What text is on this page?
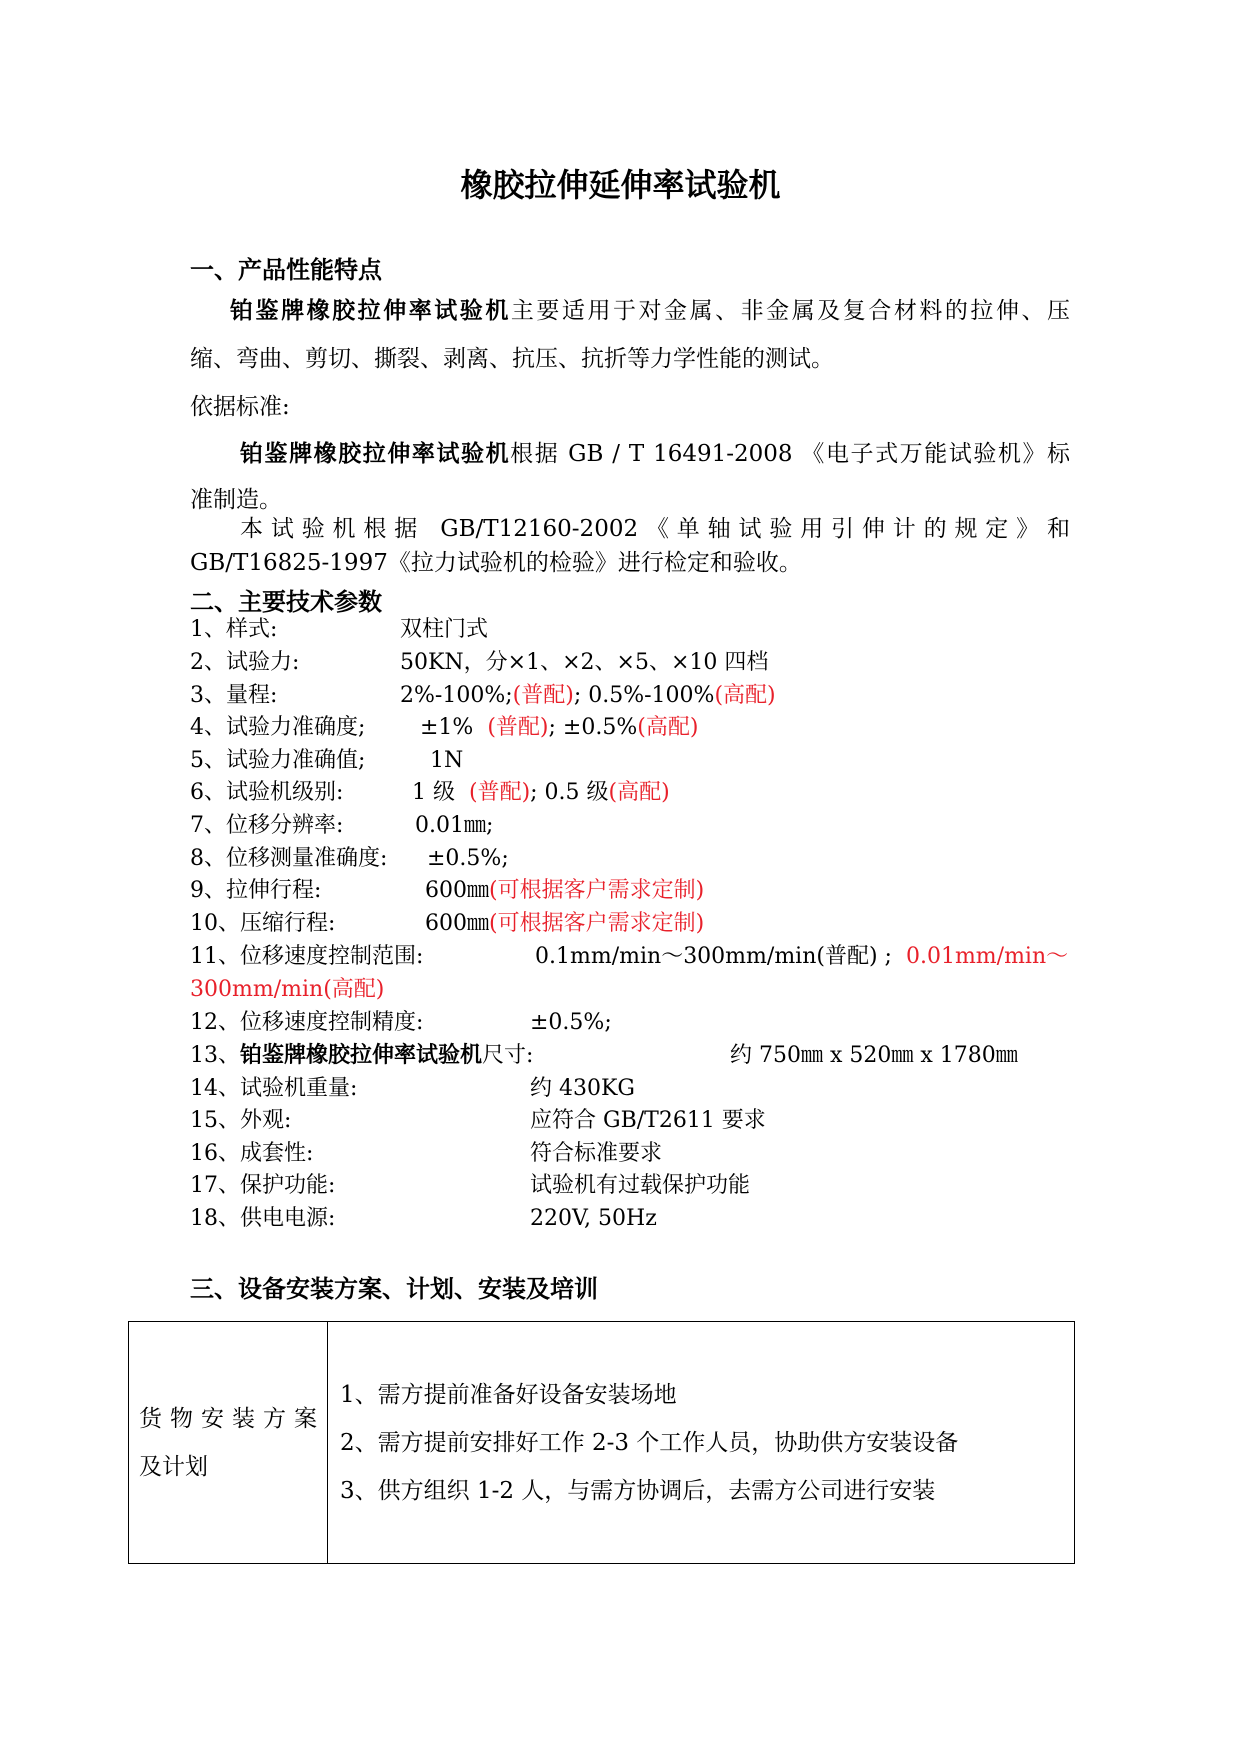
橡胶拉伸延伸率试验机
一、产品性能特点

铂鉴牌橡胶拉伸率试验机主要适用于对金属、非金属及复合材料的拉伸、压

缩、弯曲、剪切、撕裂、剥离、抗压、抗折等力学性能的测试。

依据标准:

铂鉴牌橡胶拉伸率试验机根据 GB / T 16491-2008 《电子式万能试验机》标

准制造。

本试验机根据 GB/T12160-2002《单轴试验用引伸计的规定》和

GB/T16825-1997《拉力试验机的检验》进行检定和验收。

二、主要技术参数
1、样式:	双柱门式
2、试验力:	50KN，分×1、×2、×5、×10 四档
3、量程:	2%-100%;(普配); 0.5%-100%(高配)
4、试验力准确度; ±1%  (普配); ±0.5%(高配)
5、试验力准确值;	1N
6、试验机级别:	1 级  (普配); 0.5 级(高配)
7、位移分辨率:	0.01㎜;
8、位移测量准确度: ±0.5%;
9、拉伸行程:	600㎜(可根据客户需求定制)
10、压缩行程:	600㎜(可根据客户需求定制)
11、位移速度控制范围:	0.1mm/min～300mm/min(普配) ; 0.01mm/min～
300mm/min(高配)
12、位移速度控制精度:	±0.5%;
13、铂鉴牌橡胶拉伸率试验机尺寸:	约 750㎜ x 520㎜ x 1780㎜
14、试验机重量:	约 430KG
15、外观:	应符合 GB/T2611 要求
16、成套性:	符合标准要求
17、保护功能:	试验机有过载保护功能
18、供电电源:	220V, 50Hz
三、设备安装方案、计划、安装及培训
货物安装方案
及计划

1、需方提前准备好设备安装场地
2、需方提前安排好工作 2-3 个工作人员，协助供方安装设备
3、供方组织 1-2 人，与需方协调后，去需方公司进行安装
